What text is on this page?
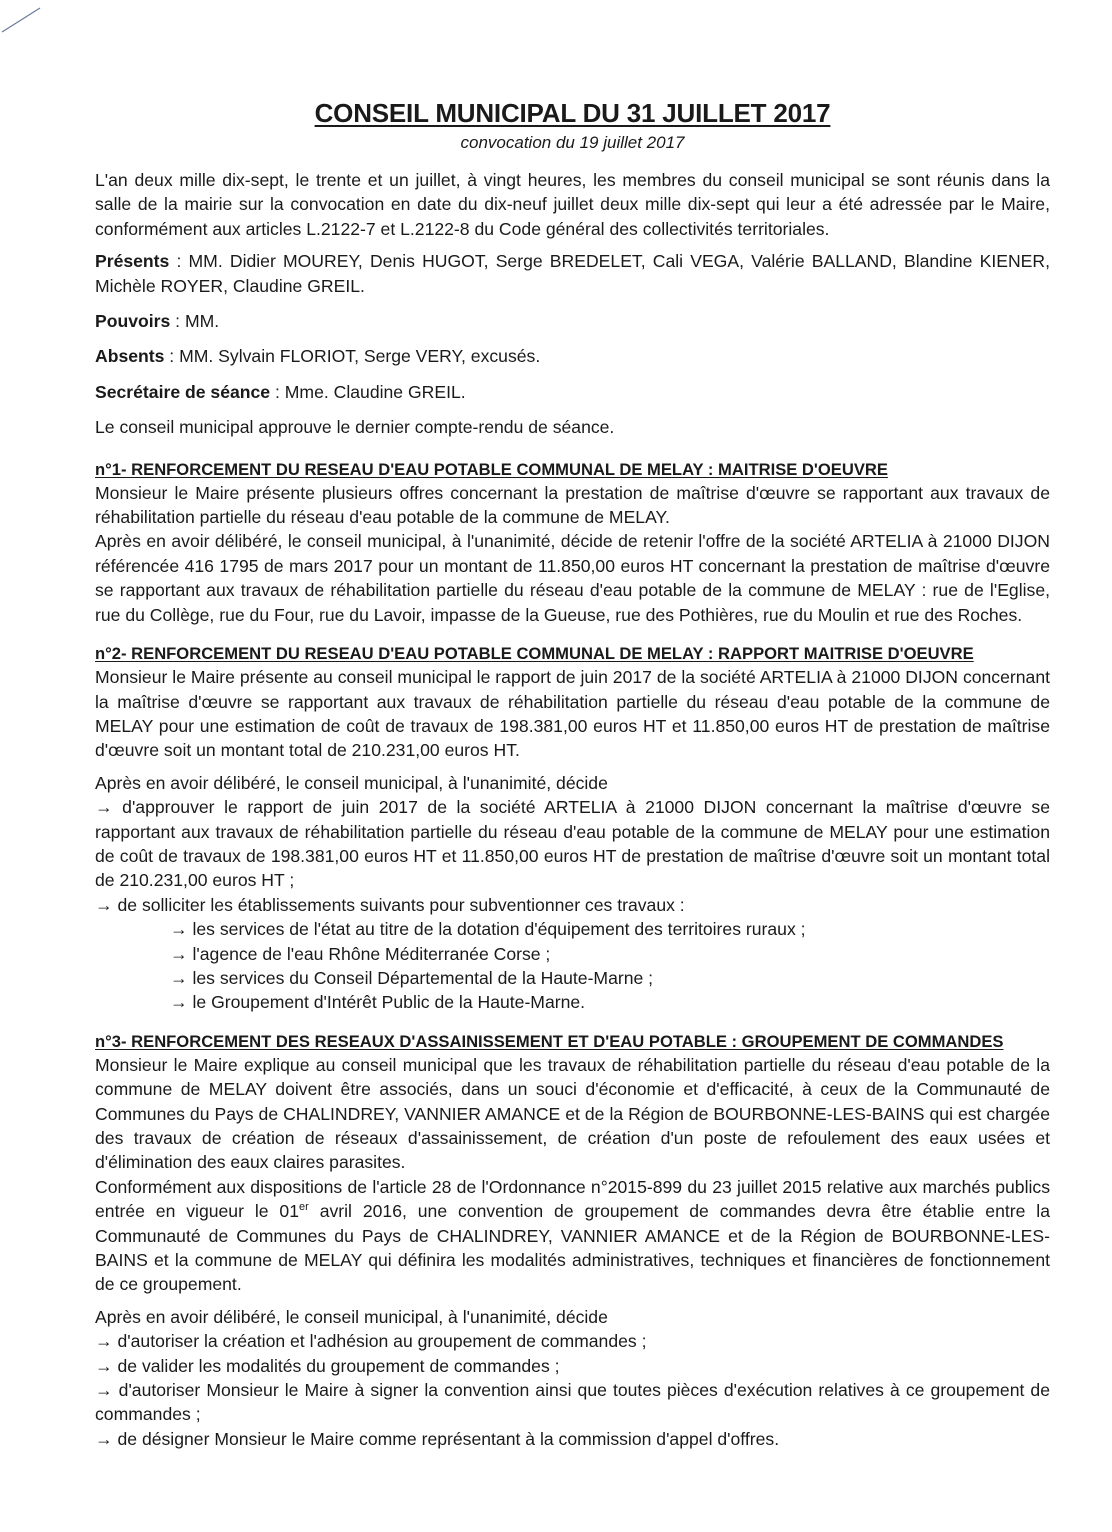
CONSEIL MUNICIPAL DU 31 JUILLET 2017
convocation du 19 juillet 2017

L'an deux mille dix-sept, le trente et un juillet, à vingt heures, les membres du conseil municipal se sont réunis dans la salle de la mairie sur la convocation en date du dix-neuf juillet deux mille dix-sept qui leur a été adressée par le Maire, conformément aux articles L.2122-7 et L.2122-8 du Code général des collectivités territoriales.

Présents : MM. Didier MOUREY, Denis HUGOT, Serge BREDELET, Cali VEGA, Valérie BALLAND, Blandine KIENER, Michèle ROYER, Claudine GREIL.

Pouvoirs : MM.

Absents : MM. Sylvain FLORIOT, Serge VERY, excusés.

Secrétaire de séance : Mme. Claudine GREIL.

Le conseil municipal approuve le dernier compte-rendu de séance.

n°1- RENFORCEMENT DU RESEAU D'EAU POTABLE COMMUNAL DE MELAY : MAITRISE D'OEUVRE

Monsieur le Maire présente plusieurs offres concernant la prestation de maîtrise d'œuvre se rapportant aux travaux de réhabilitation partielle du réseau d'eau potable de la commune de MELAY.

Après en avoir délibéré, le conseil municipal, à l'unanimité, décide de retenir l'offre de la société ARTELIA à 21000 DIJON référencée 416 1795 de mars 2017 pour un montant de 11.850,00 euros HT concernant la prestation de maîtrise d'œuvre se rapportant aux travaux de réhabilitation partielle du réseau d'eau potable de la commune de MELAY : rue de l'Eglise, rue du Collège, rue du Four, rue du Lavoir, impasse de la Gueuse, rue des Pothières, rue du Moulin et rue des Roches.

n°2- RENFORCEMENT DU RESEAU D'EAU POTABLE COMMUNAL DE MELAY : RAPPORT MAITRISE D'OEUVRE

Monsieur le Maire présente au conseil municipal le rapport de juin 2017 de la société ARTELIA à 21000 DIJON concernant la maîtrise d'œuvre se rapportant aux travaux de réhabilitation partielle du réseau d'eau potable de la commune de MELAY pour une estimation de coût de travaux de 198.381,00 euros HT et 11.850,00 euros HT de prestation de maîtrise d'œuvre soit un montant total de 210.231,00 euros HT.

Après en avoir délibéré, le conseil municipal, à l'unanimité, décide

→ d'approuver le rapport de juin 2017 de la société ARTELIA à 21000 DIJON concernant la maîtrise d'œuvre se rapportant aux travaux de réhabilitation partielle du réseau d'eau potable de la commune de MELAY pour une estimation de coût de travaux de 198.381,00 euros HT et 11.850,00 euros HT de prestation de maîtrise d'œuvre soit un montant total de 210.231,00 euros HT ;

→ de solliciter les établissements suivants pour subventionner ces travaux :

→ les services de l'état au titre de la dotation d'équipement des territoires ruraux ;

→ l'agence de l'eau Rhône Méditerranée Corse ;

→ les services du Conseil Départemental de la Haute-Marne ;

→ le Groupement d'Intérêt Public de la Haute-Marne.

n°3- RENFORCEMENT DES RESEAUX D'ASSAINISSEMENT ET D'EAU POTABLE : GROUPEMENT DE COMMANDES

Monsieur le Maire explique au conseil municipal que les travaux de réhabilitation partielle du réseau d'eau potable de la commune de MELAY doivent être associés, dans un souci d'économie et d'efficacité, à ceux de la Communauté de Communes du Pays de CHALINDREY, VANNIER AMANCE et de la Région de BOURBONNE-LES-BAINS qui est chargée des travaux de création de réseaux d'assainissement, de création d'un poste de refoulement des eaux usées et d'élimination des eaux claires parasites.

Conformément aux dispositions de l'article 28 de l'Ordonnance n°2015-899 du 23 juillet 2015 relative aux marchés publics entrée en vigueur le 01er avril 2016, une convention de groupement de commandes devra être établie entre la Communauté de Communes du Pays de CHALINDREY, VANNIER AMANCE et de la Région de BOURBONNE-LES-BAINS et la commune de MELAY qui définira les modalités administratives, techniques et financières de fonctionnement de ce groupement.

Après en avoir délibéré, le conseil municipal, à l'unanimité, décide

→ d'autoriser la création et l'adhésion au groupement de commandes ;

→ de valider les modalités du groupement de commandes ;

→ d'autoriser Monsieur le Maire à signer la convention ainsi que toutes pièces d'exécution relatives à ce groupement de commandes ;

→ de désigner Monsieur le Maire comme représentant à la commission d'appel d'offres.
